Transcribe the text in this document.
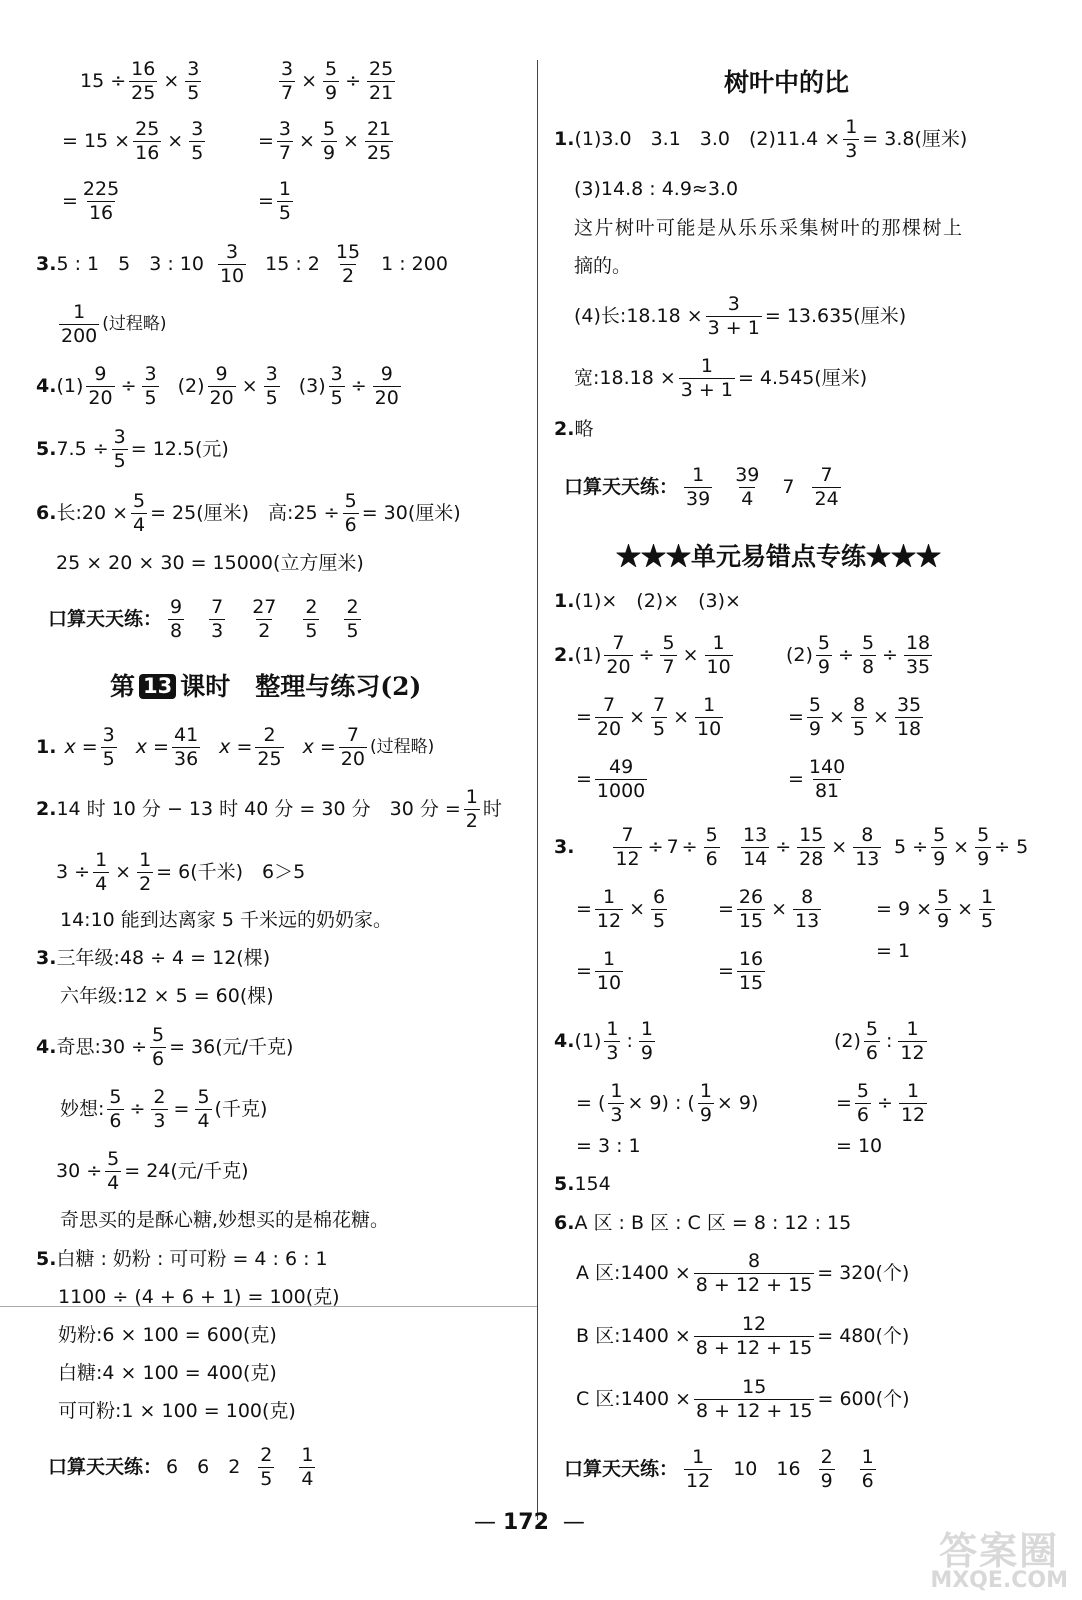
$15 \div \frac{16}{25} \times \frac{3}{5}$	$\frac{3}{7} \times \frac{5}{9} \div \frac{25}{21}$
= $15 \times \frac{25}{16} \times \frac{3}{5}$	= $\frac{3}{7} \times \frac{5}{9} \times \frac{21}{25}$
= $\frac{225}{16}$	= $\frac{1}{5}$
3. 5 : 1　5　3 : 10
3
10
15 : 2
15
2
1 : 200
1
200
(过程略)
4. $(1) \frac{9}{20} \div \frac{3}{5} (2) \frac{9}{20} \times \frac{3}{5} (3) \frac{3}{5} \div \frac{9}{20}$
5. $7.5 \div \frac{3}{5} = 12.5$(元)
6. 长:20 × $\frac{5}{4} = 25$(厘米)　高:25 ÷ $\frac{5}{6} = 30$(厘米)
25 × 20 × 30 = 15000(立方厘米)
口算天天练：
9
8
7
3
27
2
2
5
2
5
第 13 课时　整理与练习(2)
1. $x = \frac{3}{5}$ $x = \frac{41}{36}$ $x = \frac{2}{25}$ $x = \frac{7}{20}$ (过程略)
2. 14 时 10 分 − 13 时 40 分 = 30 分　30 分 = $\frac{1}{2}$ 时
$3 \div \frac{1}{4} \times \frac{1}{2} = 6$(千米)　6＞5
14:10 能到达离家 5 千米远的奶奶家。
3. 三年级:48 ÷ 4 = 12(棵)
六年级:12 × 5 = 60(棵)
4. 奇思:30 ÷ $\frac{5}{6} = 36$(元/千克)
妙想: $\frac{5}{6} \div \frac{2}{3} = \frac{5}{4}$ (千克)
$30 \div \frac{5}{4} = 24$(元/千克)
奇思买的是酥心糖,妙想买的是棉花糖。
5. 白糖 : 奶粉 : 可可粉 = 4 : 6 : 1
1100 ÷ (4 + 6 + 1) = 100(克)
奶粉:6 × 100 = 600(克)
白糖:4 × 100 = 400(克)
可可粉:1 × 100 = 100(克)
口算天天练： 6　6　2
2
5
1
4
树叶中的比
1. (1)3.0　3.1　3.0　$(2)11.4 \times \frac{1}{3} = 3.8$(厘米)
(3)14.8 : 4.9≈3.0
这片树叶可能是从乐乐采集树叶的那棵树上
摘的。
(4)长:18.18 × $\frac{3}{3 + 1} = 13.635$(厘米)
宽:18.18 × $\frac{1}{3 + 1} = 4.545$(厘米)
2. 略
口算天天练：
1
39
39
4
7
7
24
★★★单元易错点专练★★★
1. (1)×　(2)×　(3)×
2. $(1) \frac{7}{20} \div \frac{5}{7} \times \frac{1}{10}$	$(2) \frac{5}{9} \div \frac{5}{8} \div \frac{18}{35}$
= $\frac{7}{20} \times \frac{7}{5} \times \frac{1}{10}$	= $\frac{5}{9} \times \frac{8}{5} \times \frac{35}{18}$
= $\frac{49}{1000}$	= $\frac{140}{81}$
3. $\frac{7}{12} \div 7 \div \frac{5}{6} \frac{13}{14} \div \frac{15}{28} \times \frac{8}{13} 5 \div \frac{5}{9} \times \frac{5}{9} \div 5$
= $\frac{1}{12} \times \frac{6}{5}$	= $\frac{26}{15} \times \frac{8}{13}$	= $9 \times \frac{5}{9} \times \frac{1}{5}$
= 1
= $\frac{1}{10}$	= $\frac{16}{15}$
4. (1)
1
3
:
1
9
(2)
5
6
:
1
12
= ( $\frac{1}{3} \times 9$) : ( $\frac{1}{9} \times 9$)	= $\frac{5}{6} \div \frac{1}{12}$
= 3 : 1	= 10
5. 154
6. A 区 : B 区 : C 区 = 8 : 12 : 15
A 区:1400 × $\frac{8}{8 + 12 + 15} = 320$(个)
B 区:1400 × $\frac{12}{8 + 12 + 15} = 480$(个)
C 区:1400 × $\frac{15}{8 + 12 + 15} = 600$(个)
口算天天练：
1
12
10　16
2
9
1
6
— 172  —
答案圈
MXQE.COM
